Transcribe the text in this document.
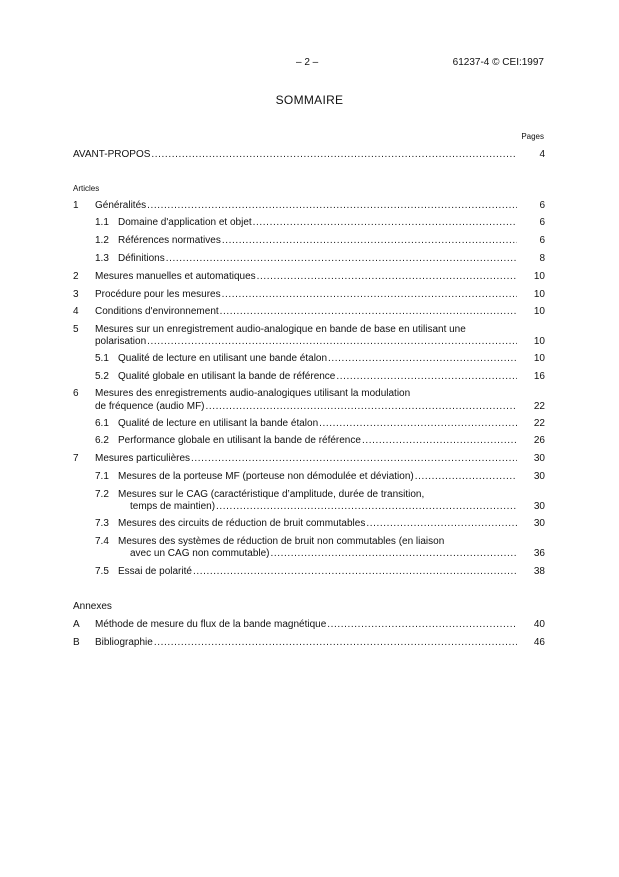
– 2 –	61237-4 © CEI:1997
SOMMAIRE
Pages
AVANT-PROPOS .....	4
Articles
1 Généralités .....	6
1.1 Domaine d'application et objet .....	6
1.2 Références normatives .....	6
1.3 Définitions .....	8
2 Mesures manuelles et automatiques .....	10
3 Procédure pour les mesures .....	10
4 Conditions d'environnement .....	10
5 Mesures sur un enregistrement audio-analogique en bande de base en utilisant une
polarisation .....	10
5.1 Qualité de lecture en utilisant une bande étalon .....	10
5.2 Qualité globale en utilisant la bande de référence .....	16
6 Mesures des enregistrements audio-analogiques utilisant la modulation
de fréquence (audio MF) .....	22
6.1 Qualité de lecture en utilisant la bande étalon .....	22
6.2 Performance globale en utilisant la bande de référence .....	26
7 Mesures particulières .....	30
7.1 Mesures de la porteuse MF (porteuse non démodulée et déviation) .....	30
7.2 Mesures sur le CAG (caractéristique d’amplitude, durée de transition,
temps de maintien) .....	30
7.3 Mesures des circuits de réduction de bruit commutables .....	30
7.4 Mesures des systèmes de réduction de bruit non commutables (en liaison
avec un CAG non commutable) .....	36
7.5 Essai de polarité .....	38
Annexes
A Méthode de mesure du flux de la bande magnétique .....	40
B Bibliographie .....	46
